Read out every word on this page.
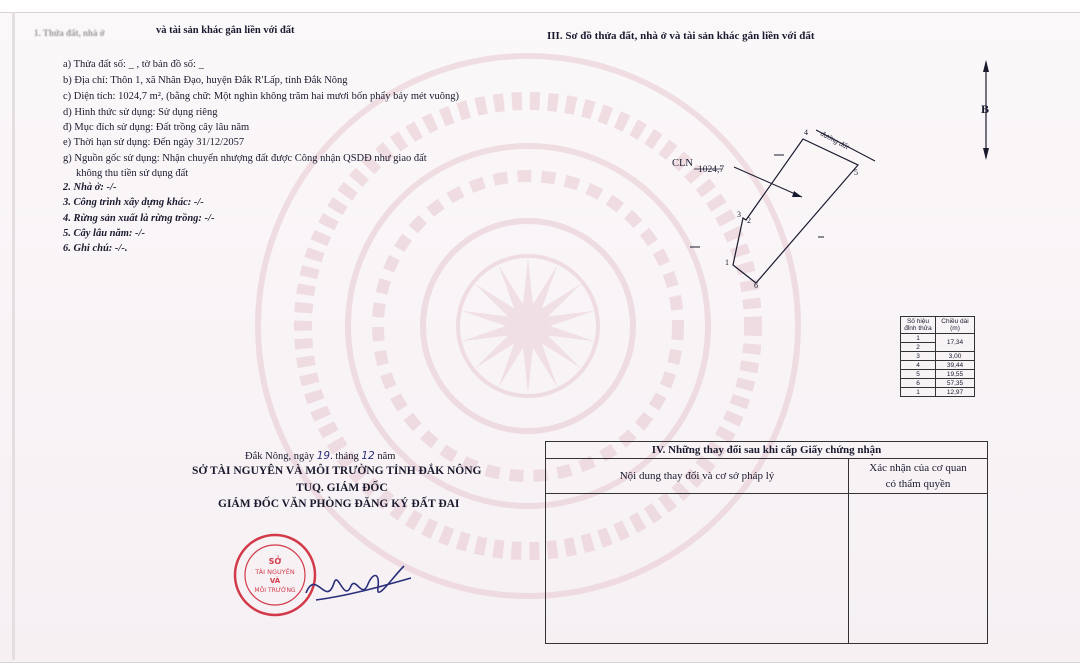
1. Thửa đất, nhà ở	và tài sản khác gắn liền với đất
a) Thửa đất số: _ , tờ bản đồ số: _
b) Địa chỉ: Thôn 1, xã Nhân Đạo, huyện Đắk R'Lấp, tỉnh Đắk Nông
c) Diện tích: 1024,7 m², (bằng chữ: Một nghìn không trăm hai mươi bốn phẩy bảy mét vuông)
d) Hình thức sử dụng: Sử dụng riêng
đ) Mục đích sử dụng: Đất trồng cây lâu năm
e) Thời hạn sử dụng: Đến ngày 31/12/2057
g) Nguồn gốc sử dụng: Nhận chuyển nhượng đất được Công nhận QSDĐ như giao đất
không thu tiền sử dụng đất
2. Nhà ở: -/-
3. Công trình xây dựng khác: -/-
4. Rừng sản xuất là rừng trồng: -/-
5. Cây lâu năm: -/-
6. Ghi chú: -/-.
Đắk Nông, ngày 19. tháng 12 năm
SỞ TÀI NGUYÊN VÀ MÔI TRƯỜNG TỈNH ĐẮK NÔNG
TUQ. GIÁM ĐỐC
GIÁM ĐỐC VĂN PHÒNG ĐĂNG KÝ ĐẤT ĐAI
SỞ
TÀI NGUYÊN
VÀ
MÔI TRƯỜNG
III. Sơ đồ thửa đất, nhà ở và tài sản khác gắn liền với đất
B
4
5
3
2
1
6
đường đất
CLN
1024,7
Số hiệu đỉnh thửa	Chiều dài (m)
1	17,34
2	
3	3,00
4	39,44
5	19,55
6	57,35
1	12,97
IV. Những thay đổi sau khi cấp Giấy chứng nhận	
Nội dung thay đổi và cơ sở pháp lý	Xác nhận của cơ quan
có thẩm quyền
